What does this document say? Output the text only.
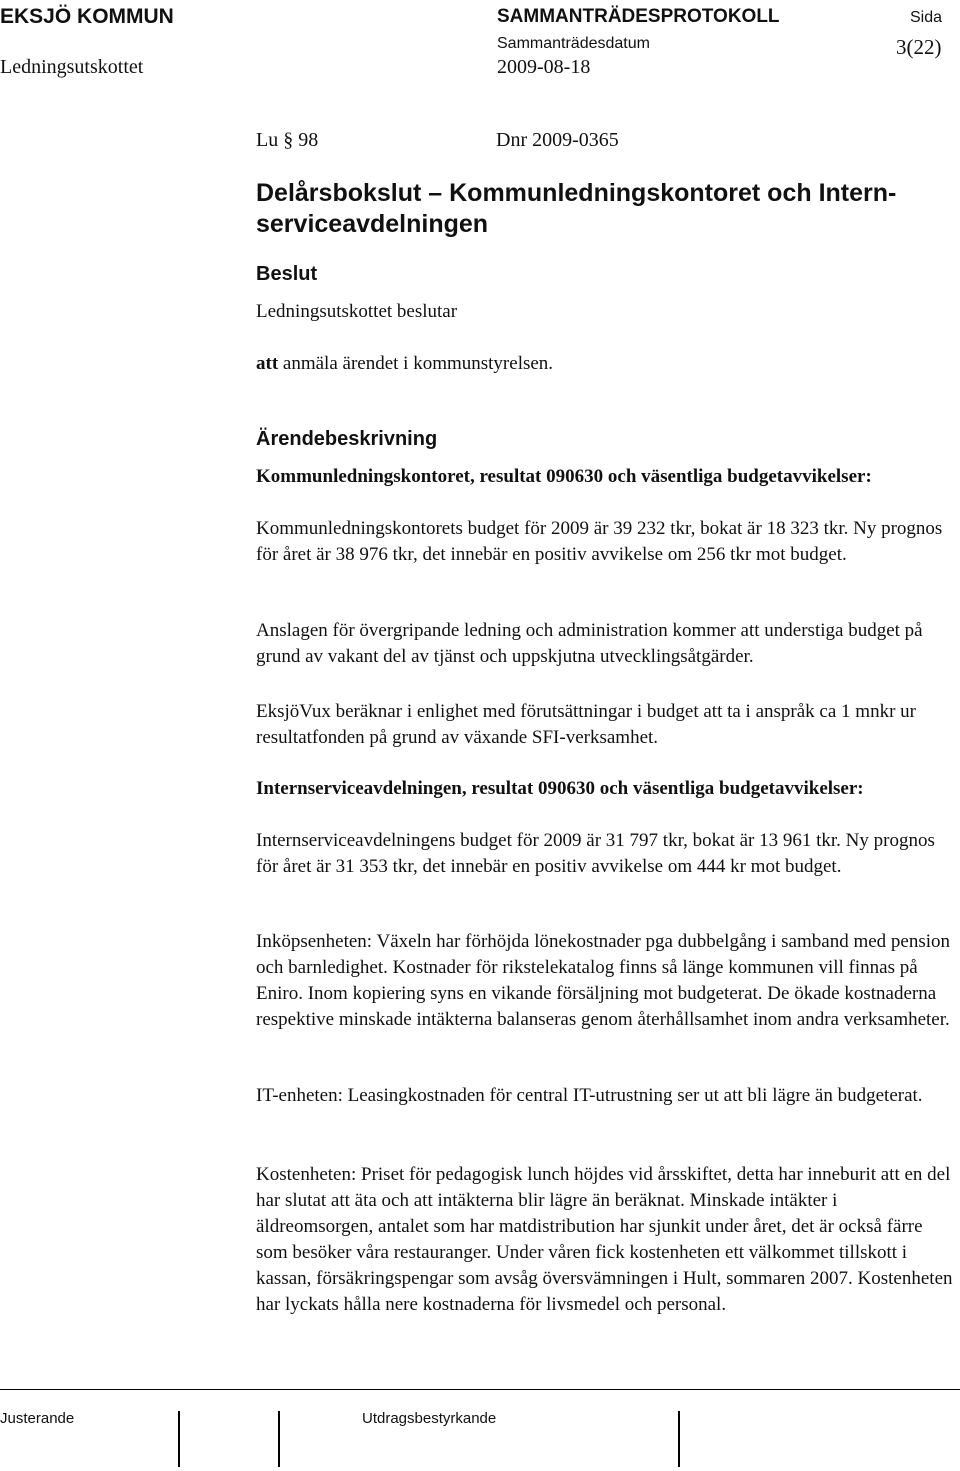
EKSJÖ KOMMUN	SAMMANTRÄDESPROTOKOLL	Sida
Ledningsutskottet
Sammanträdesdatum
2009-08-18
3(22)
Lu § 98	Dnr 2009-0365
Delårsbokslut – Kommunledningskontoret och Internserviceavdelningen
Beslut
Ledningsutskottet beslutar
att anmäla ärendet i kommunstyrelsen.
Ärendebeskrivning
Kommunledningskontoret, resultat 090630 och väsentliga budgetavvikelser:
Kommunledningskontorets budget för 2009 är 39 232 tkr, bokat är 18 323 tkr. Ny prognos för året är 38 976 tkr, det innebär en positiv avvikelse om 256 tkr mot budget.
Anslagen för övergripande ledning och administration kommer att understiga budget på grund av vakant del av tjänst och uppskjutna utvecklingsåtgärder.
EksjöVux beräknar i enlighet med förutsättningar i budget att ta i anspråk ca 1 mnkr ur resultatfonden på grund av växande SFI-verksamhet.
Internserviceavdelningen, resultat 090630 och väsentliga budgetavvikelser:
Internserviceavdelningens budget för 2009 är 31 797 tkr, bokat är 13 961 tkr. Ny prognos för året är 31 353 tkr, det innebär en positiv avvikelse om 444 kr mot budget.
Inköpsenheten: Växeln har förhöjda lönekostnader pga dubbelgång i samband med pension och barnledighet. Kostnader för rikstelekatalog finns så länge kommunen vill finnas på Eniro. Inom kopiering syns en vikande försäljning mot budgeterat. De ökade kostnaderna respektive minskade intäkterna balanseras genom återhållsamhet inom andra verksamheter.
IT-enheten: Leasingkostnaden för central IT-utrustning ser ut att bli lägre än budgeterat.
Kostenheten: Priset för pedagogisk lunch höjdes vid årsskiftet, detta har inneburit att en del har slutat att äta och att intäkterna blir lägre än beräknat. Minskade intäkter i äldreomsorgen, antalet som har matdistribution har sjunkit under året, det är också färre som besöker våra restauranger. Under våren fick kostenheten ett välkommet tillskott i kassan, försäkringspengar som avsåg översvämningen i Hult, sommaren 2007. Kostenheten har lyckats hålla nere kostnaderna för livsmedel och personal.
Justerande	Utdragsbestyrkande
